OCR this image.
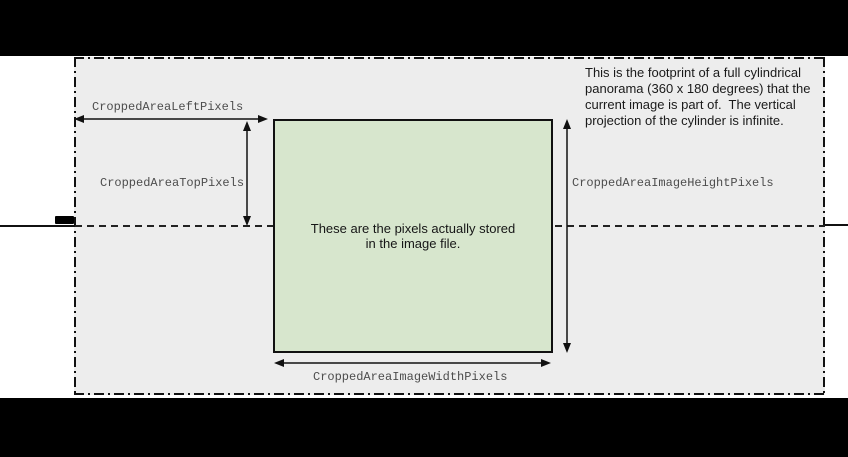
These are the pixels actually stored
in the image file.
CroppedAreaLeftPixels
CroppedAreaTopPixels	CroppedAreaImageHeightPixels
CroppedAreaImageWidthPixels
This is the footprint of a full cylindrical
panorama (360 x 180 degrees) that the
current image is part of.  The vertical
projection of the cylinder is infinite.
